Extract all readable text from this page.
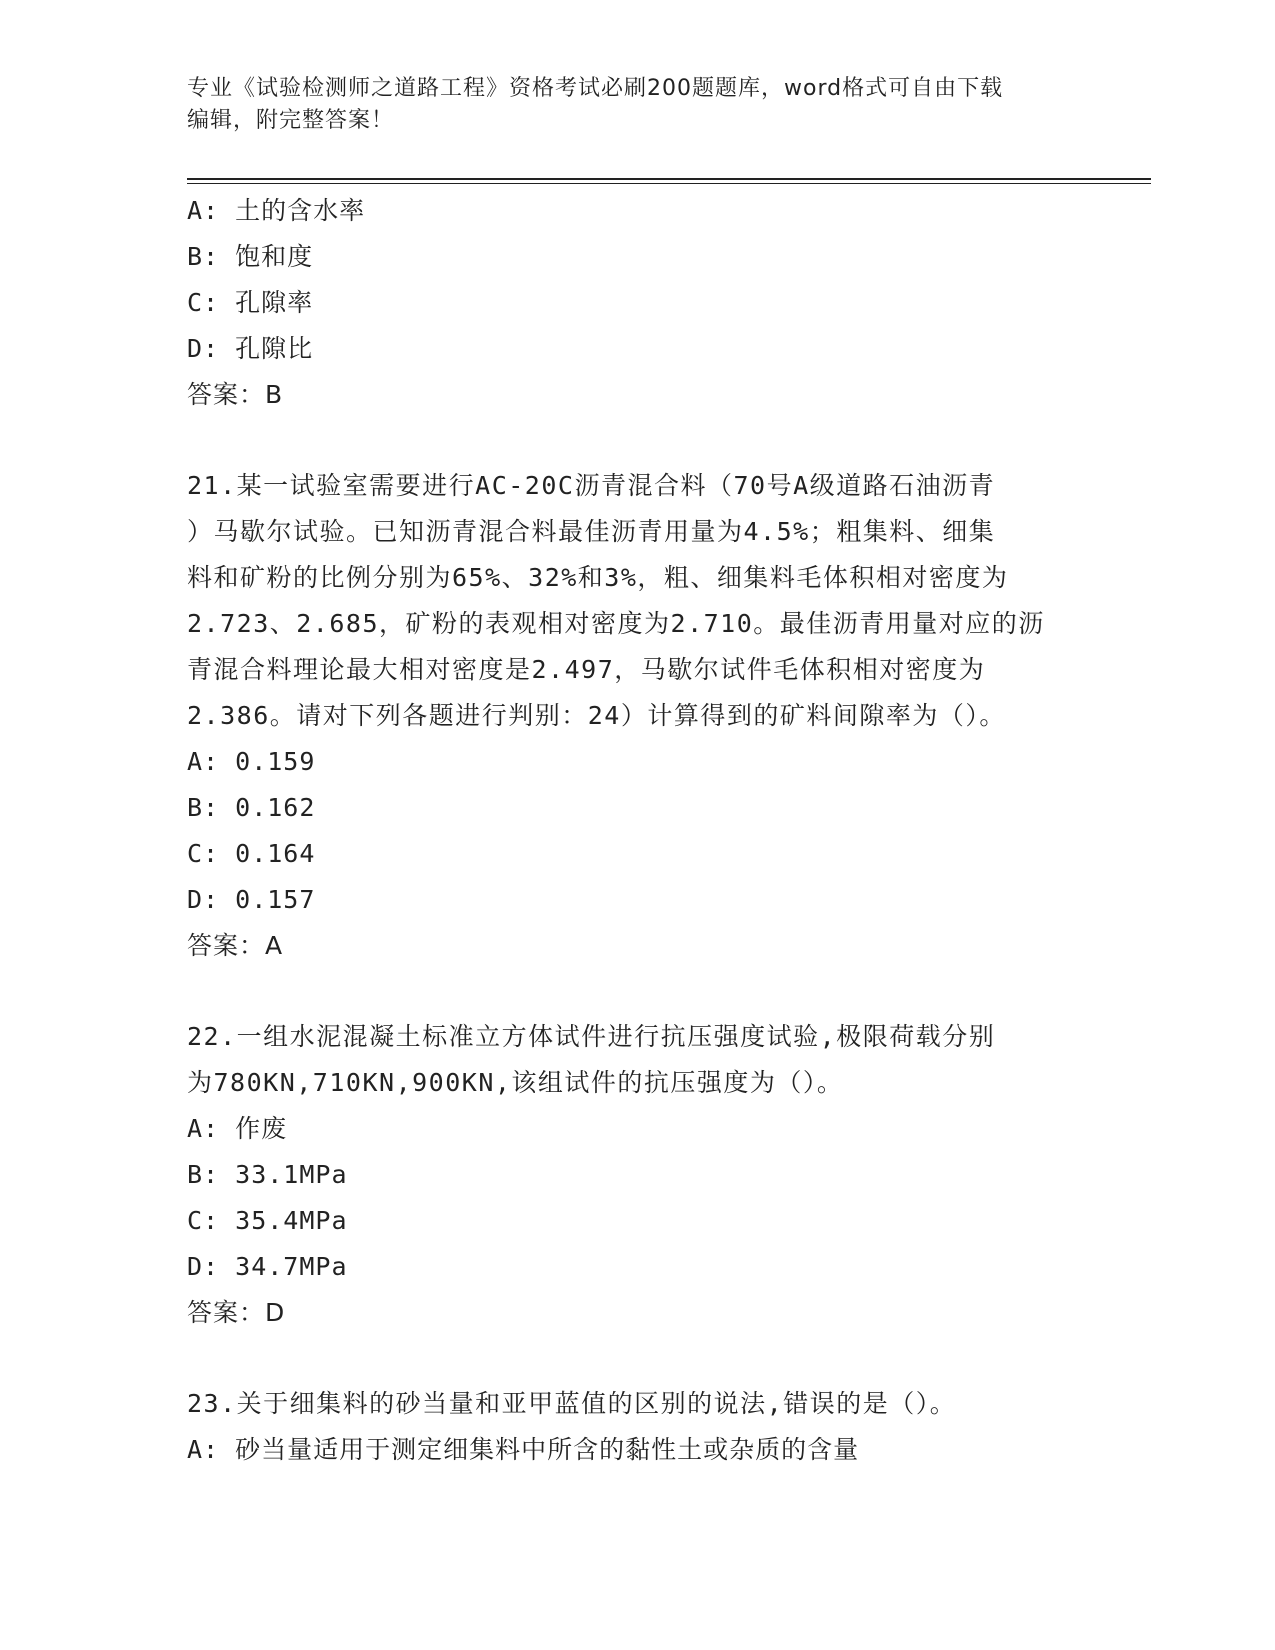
专业《试验检测师之道路工程》资格考试必刷200题题库，word格式可自由下载
编辑，附完整答案！
A: 土的含水率
B: 饱和度
C: 孔隙率
D: 孔隙比
答案：B
21.某一试验室需要进行AC-20C沥青混合料（70号A级道路石油沥青
）马歇尔试验。已知沥青混合料最佳沥青用量为4.5%；粗集料、细集
料和矿粉的比例分别为65%、32%和3%，粗、细集料毛体积相对密度为
2.723、2.685，矿粉的表观相对密度为2.710。最佳沥青用量对应的沥
青混合料理论最大相对密度是2.497，马歇尔试件毛体积相对密度为
2.386。请对下列各题进行判别：24）计算得到的矿料间隙率为（）。
A: 0.159
B: 0.162
C: 0.164
D: 0.157
答案：A
22.一组水泥混凝土标准立方体试件进行抗压强度试验,极限荷载分别
为780KN,710KN,900KN,该组试件的抗压强度为（）。
A: 作废
B: 33.1MPa
C: 35.4MPa
D: 34.7MPa
答案：D
23.关于细集料的砂当量和亚甲蓝值的区别的说法,错误的是（）。
A: 砂当量适用于测定细集料中所含的黏性土或杂质的含量
